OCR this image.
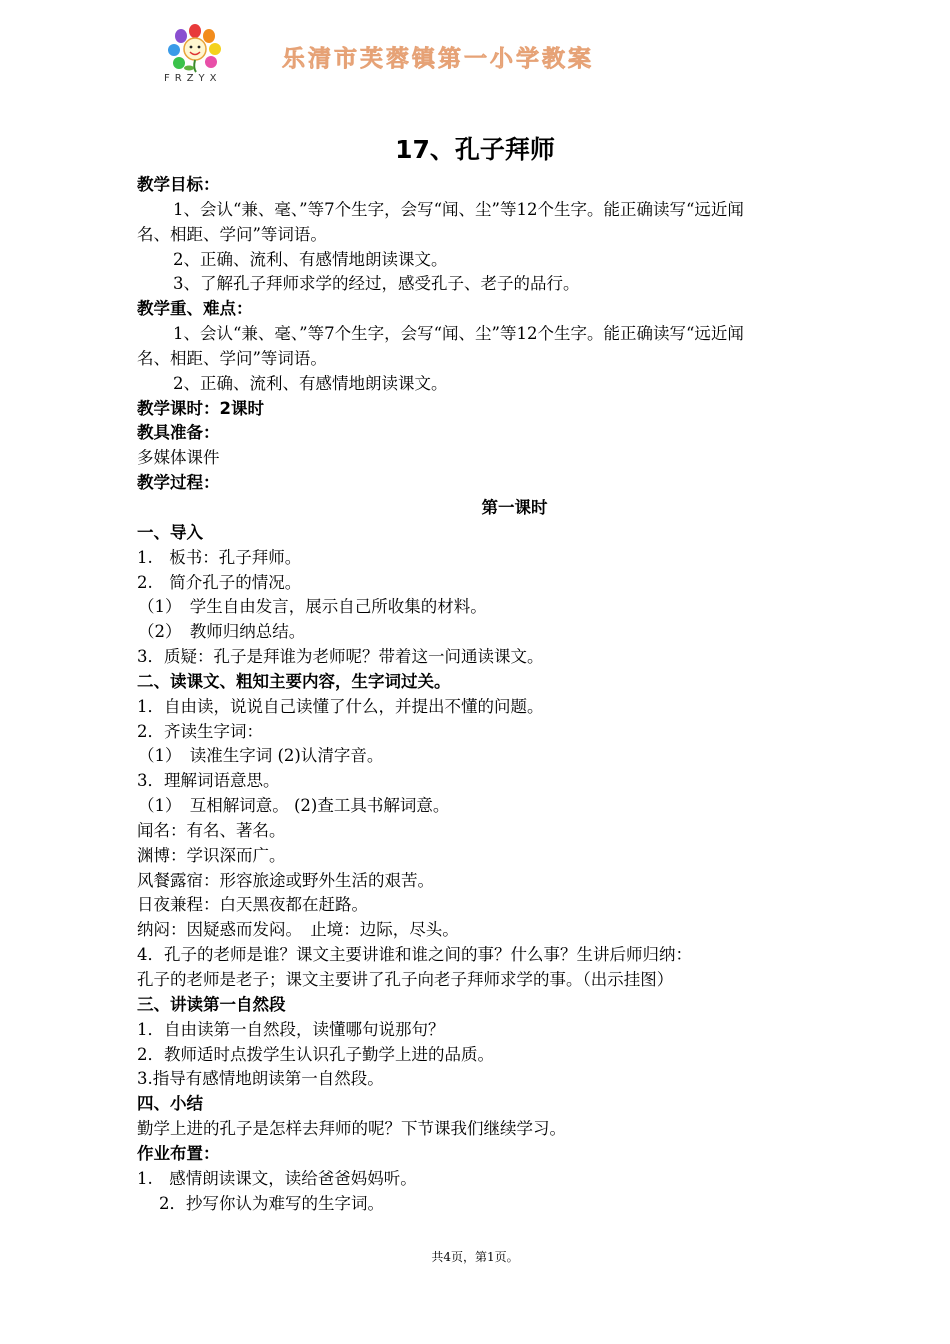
FRZYX
乐清市芙蓉镇第一小学教案
17、孔子拜师
教学目标：
1、会认“兼、毫、”等7个生字，会写“闻、尘”等12个生字。能正确读写“远近闻
名、相距、学问”等词语。
2、正确、流利、有感情地朗读课文。
3、了解孔子拜师求学的经过，感受孔子、老子的品行。
教学重、难点：
1、会认“兼、毫、”等7个生字，会写“闻、尘”等12个生字。能正确读写“远近闻
名、相距、学问”等词语。
2、正确、流利、有感情地朗读课文。
教学课时：2课时
教具准备：
多媒体课件
教学过程：
第一课时
一、导入
1.　板书：孔子拜师。
2.　简介孔子的情况。
（1）　学生自由发言，展示自己所收集的材料。
（2）　教师归纳总结。
3．质疑：孔子是拜谁为老师呢？带着这一问通读课文。
二、读课文、粗知主要内容，生字词过关。
1．自由读，说说自己读懂了什么，并提出不懂的问题。
2．齐读生字词：
（1）　读准生字词 (2)认清字音。
3．理解词语意思。
（1）　互相解词意。 (2)查工具书解词意。
闻名：有名、著名。
渊博：学识深而广。
风餐露宿：形容旅途或野外生活的艰苦。
日夜兼程：白天黑夜都在赶路。
纳闷：因疑惑而发闷。　止境：边际，尽头。
4．孔子的老师是谁？课文主要讲谁和谁之间的事？什么事？生讲后师归纳：
孔子的老师是老子；课文主要讲了孔子向老子拜师求学的事。（出示挂图）
三、讲读第一自然段
1．自由读第一自然段，读懂哪句说那句？
2．教师适时点拨学生认识孔子勤学上进的品质。
3.指导有感情地朗读第一自然段。
四、小结
勤学上进的孔子是怎样去拜师的呢？下节课我们继续学习。
作业布置：
1.　感情朗读课文，读给爸爸妈妈听。
2．抄写你认为难写的生字词。
共4页，第1页。
